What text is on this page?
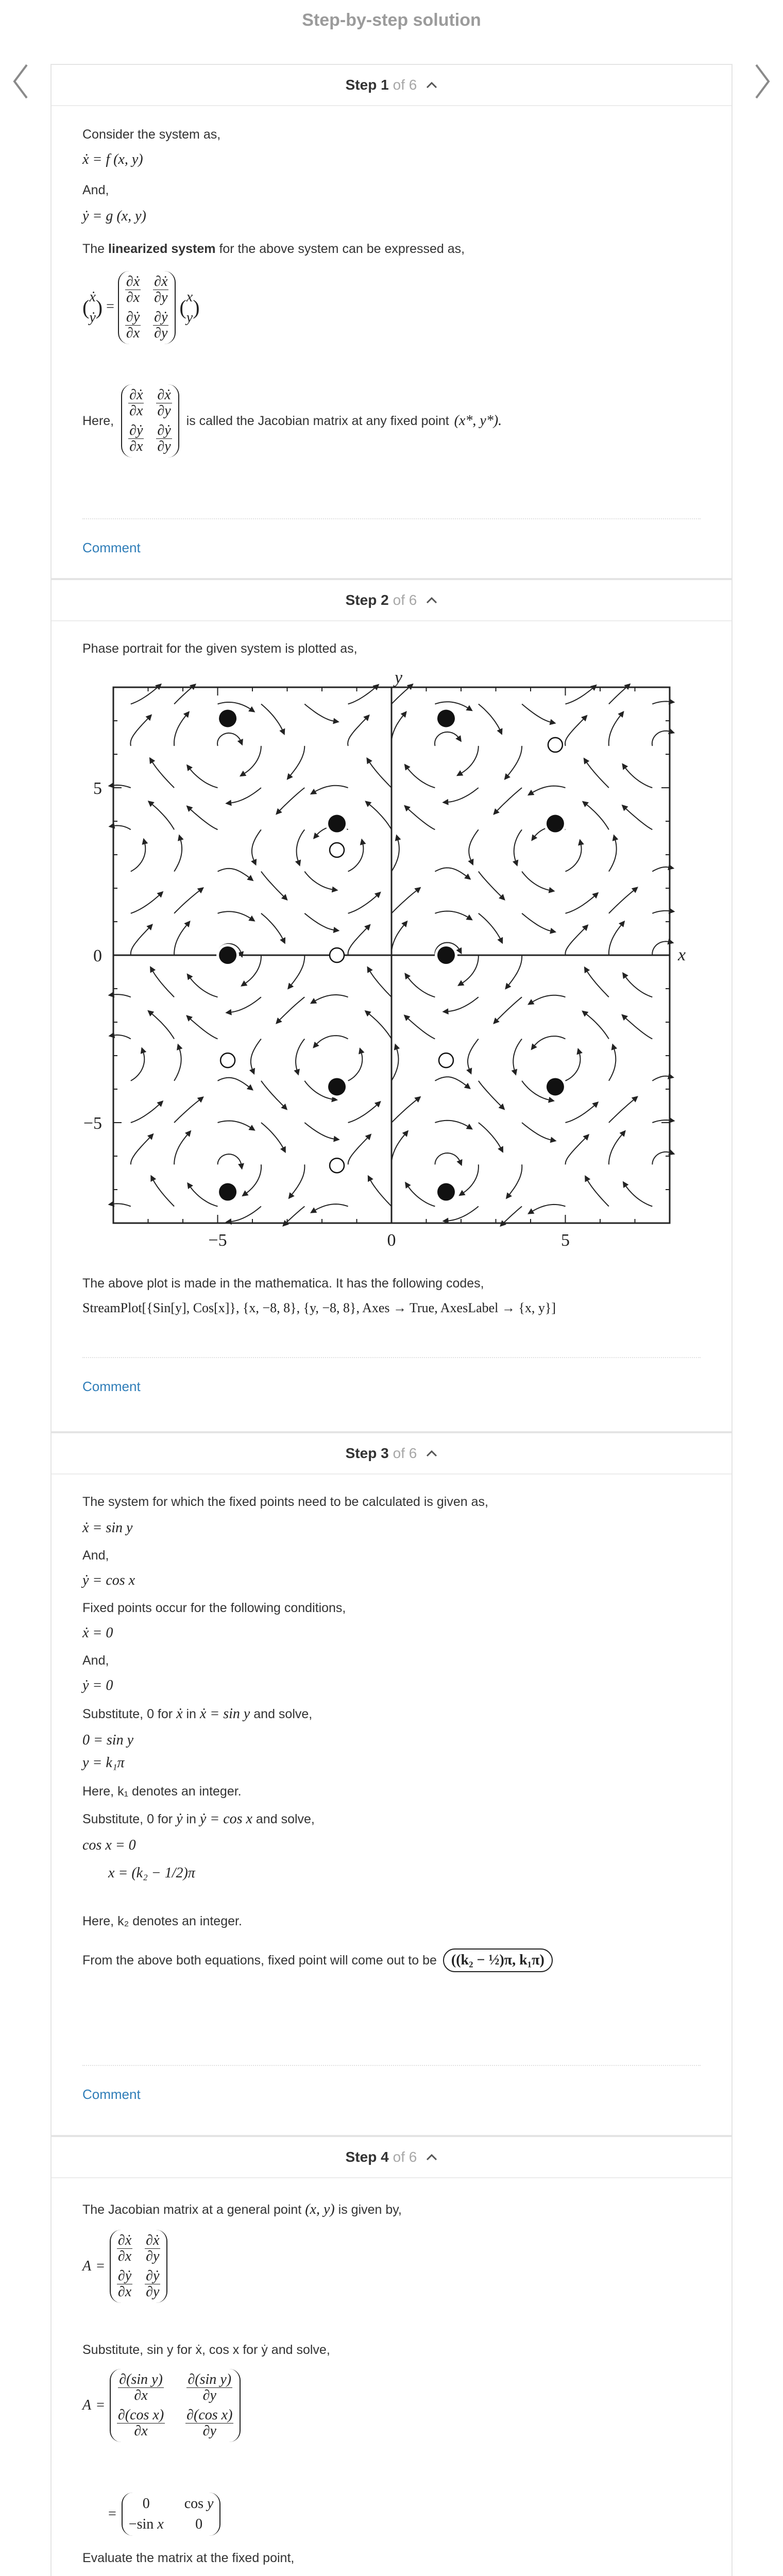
Step-by-step solution
Step 1 of 6
Consider the system as,
ẋ = f (x, y)
And,
ẏ = g (x, y)
The linearized system for the above system can be expressed as,
( ẋ
ẏ ) =
$\frac{\partial ẋ}{\partial x} \frac{\partial ẋ}{\partial y}$
$\frac{\partial ẏ}{\partial x} \frac{\partial ẏ}{\partial y}$

( x
y )
Here,
$\frac{\partial ẋ}{\partial x} \frac{\partial ẋ}{\partial y}$
$\frac{\partial ẏ}{\partial x} \frac{\partial ẏ}{\partial y}$
is called the Jacobian matrix at any fixed point (x*, y*).
Comment
Step 2 of 6
Phase portrait for the given system is plotted as,
−5	0	5
−5
0
5
x
y
The above plot is made in the mathematica. It has the following codes,
StreamPlot[{Sin[y], Cos[x]}, {x, −8, 8}, {y, −8, 8}, Axes → True, AxesLabel → {x, y}]
Comment
Step 3 of 6
The system for which the fixed points need to be calculated is given as,
ẋ = sin y
And,
ẏ = cos x
Fixed points occur for the following conditions,
ẋ = 0
And,
ẏ = 0
Substitute, 0 for ẋ in ẋ = sin y and solve,
0 = sin y
y = k₁π
Here, k₁ denotes an integer.
Substitute, 0 for ẏ in ẏ = cos x and solve,
cos x = 0
x = (k₂ − 1/2)π
Here, k₂ denotes an integer.
From the above both equations, fixed point will come out to be	((k₂ − ½)π, k₁π)
Comment
Step 4 of 6
The Jacobian matrix at a general point (x, y) is given by,
A =
$\frac{\partial ẋ}{\partial x} \frac{\partial ẋ}{\partial y}$
$\frac{\partial ẏ}{\partial x} \frac{\partial ẏ}{\partial y}$
Substitute, sin y for ẋ, cos x for ẏ and solve,
A =
$\frac{\text{∂(sin y)}}{\partial x} \frac{\text{∂(sin y)}}{\partial y}$
$\frac{\text{∂(cos x)}}{\partial x} \frac{\text{∂(cos x)}}{\partial y}$
=
0 cos y
−sin x 0
Evaluate the matrix at the fixed point,
